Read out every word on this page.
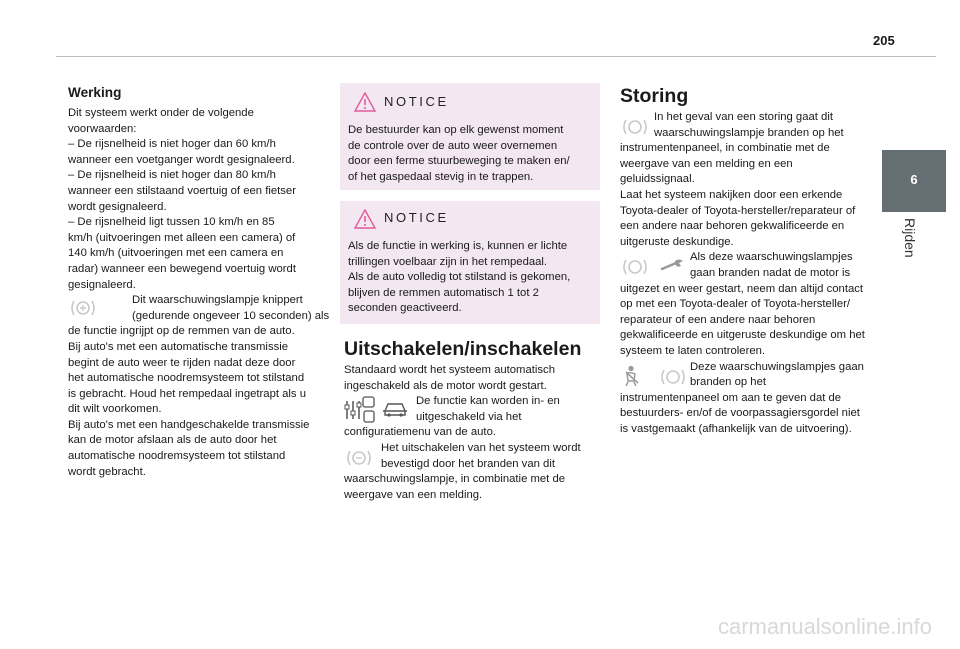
205
6
Rijden
Werking

Dit systeem werkt onder de volgende

voorwaarden:

– De rijsnelheid is niet hoger dan 60 km/h

wanneer een voetganger wordt gesignaleerd.

– De rijsnelheid is niet hoger dan 80 km/h

wanneer een stilstaand voertuig of een fietser

wordt gesignaleerd.

– De rijsnelheid ligt tussen 10 km/h en 85

km/h (uitvoeringen met alleen een camera) of

140 km/h (uitvoeringen met een camera en

radar) wanneer een bewegend voertuig wordt

gesignaleerd.

Dit waarschuwingslampje knippert

(gedurende ongeveer 10 seconden) als

de functie ingrijpt op de remmen van de auto.

Bij auto's met een automatische transmissie

begint de auto weer te rijden nadat deze door

het automatische noodremsysteem tot stilstand

is gebracht. Houd het rempedaal ingetrapt als u

dit wilt voorkomen.

Bij auto's met een handgeschakelde transmissie

kan de motor afslaan als de auto door het

automatische noodremsysteem tot stilstand

wordt gebracht.

NOTICE

De bestuurder kan op elk gewenst moment

de controle over de auto weer overnemen

door een ferme stuurbeweging te maken en/

of het gaspedaal stevig in te trappen.

NOTICE

Als de functie in werking is, kunnen er lichte

trillingen voelbaar zijn in het rempedaal.

Als de auto volledig tot stilstand is gekomen,

blijven de remmen automatisch 1 tot 2

seconden geactiveerd.

Uitschakelen/inschakelen

Standaard wordt het systeem automatisch

ingeschakeld als de motor wordt gestart.

De functie kan worden in- en

uitgeschakeld via het

configuratiemenu van de auto.

Het uitschakelen van het systeem wordt

bevestigd door het branden van dit

waarschuwingslampje, in combinatie met de

weergave van een melding.

Storing

In het geval van een storing gaat dit

waarschuwingslampje branden op het

instrumentenpaneel, in combinatie met de

weergave van een melding en een

geluidssignaal.

Laat het systeem nakijken door een erkende

Toyota-dealer of Toyota-hersteller/reparateur of

een andere naar behoren gekwalificeerde en

uitgeruste deskundige.

Als deze waarschuwingslampjes

gaan branden nadat de motor is

uitgezet en weer gestart, neem dan altijd contact

op met een Toyota-dealer of Toyota-hersteller/

reparateur of een andere naar behoren

gekwalificeerde en uitgeruste deskundige om het

systeem te laten controleren.

Deze waarschuwingslampjes gaan

branden op het

instrumentenpaneel om aan te geven dat de

bestuurders- en/of de voorpassagiersgordel niet

is vastgemaakt (afhankelijk van de uitvoering).

carmanualsonline.info
